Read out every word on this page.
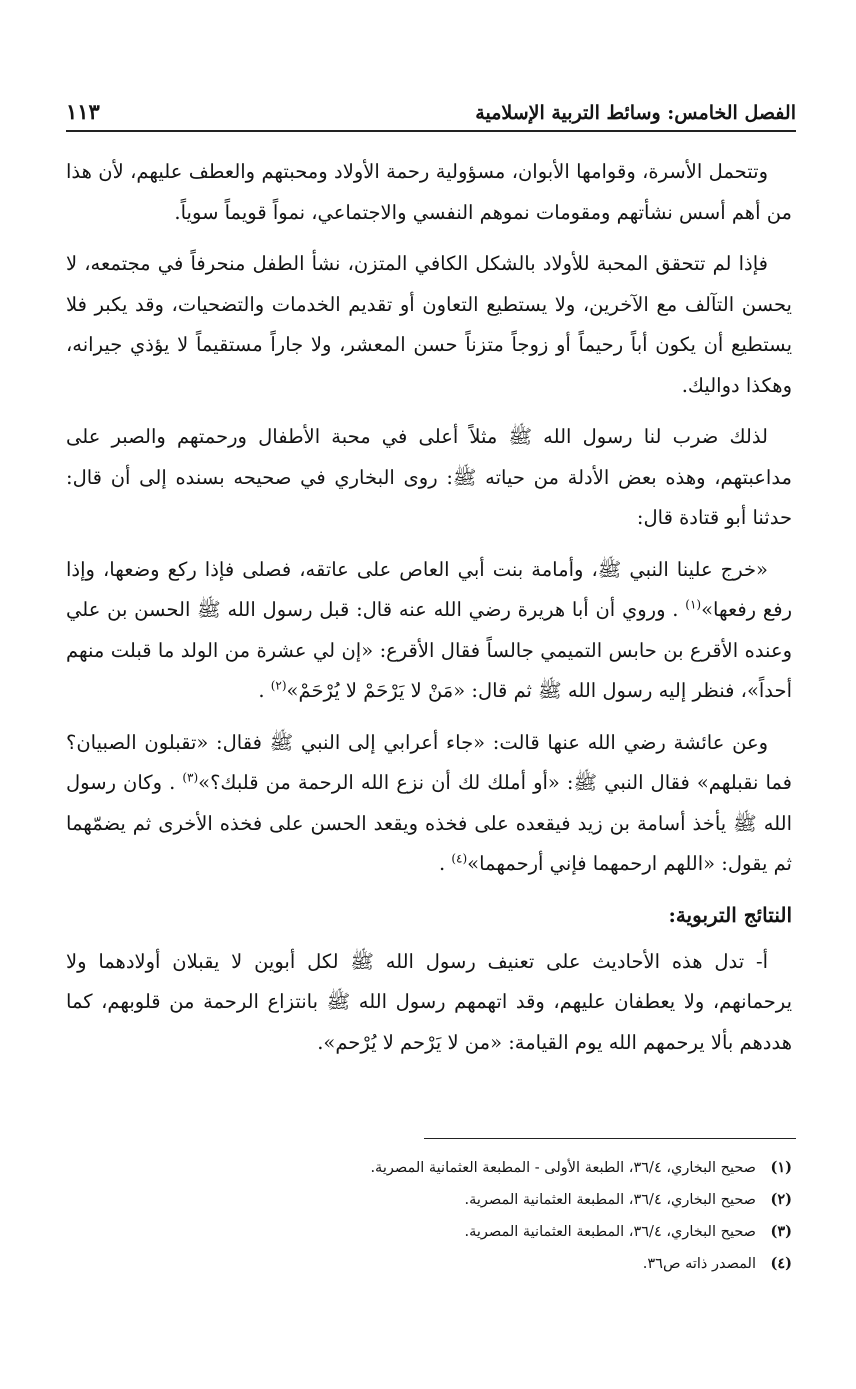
الفصل الخامس: وسائط التربية الإسلامية
١١٣

وتتحمل الأسرة، وقوامها الأبوان، مسؤولية رحمة الأولاد ومحبتهم والعطف عليهم، لأن هذا من أهم أسس نشأتهم ومقومات نموهم النفسي والاجتماعي، نمواً قويماً سوياً.

فإذا لم تتحقق المحبة للأولاد بالشكل الكافي المتزن، نشأ الطفل منحرفاً في مجتمعه، لا يحسن التآلف مع الآخرين، ولا يستطيع التعاون أو تقديم الخدمات والتضحيات، وقد يكبر فلا يستطيع أن يكون أباً رحيماً أو زوجاً متزناً حسن المعشر، ولا جاراً مستقيماً لا يؤذي جيرانه، وهكذا دواليك.

لذلك ضرب لنا رسول الله ﷺ مثلاً أعلى في محبة الأطفال ورحمتهم والصبر على مداعبتهم، وهذه بعض الأدلة من حياته ﷺ: روى البخاري في صحيحه بسنده إلى أن قال: حدثنا أبو قتادة قال:

«خرج علينا النبي ﷺ، وأمامة بنت أبي العاص على عاتقه، فصلى فإذا ركع وضعها، وإذا رفع رفعها»$^{(١)}$ . وروي أن أبا هريرة رضي الله عنه قال: قبل رسول الله ﷺ الحسن بن علي وعنده الأقرع بن حابس التميمي جالساً فقال الأقرع: «إن لي عشرة من الولد ما قبلت منهم أحداً»، فنظر إليه رسول الله ﷺ ثم قال: «مَنْ لا يَرْحَمْ لا يُرْحَمْ»$^{(٢)}$ .

وعن عائشة رضي الله عنها قالت: «جاء أعرابي إلى النبي ﷺ فقال: «تقبلون الصبيان؟ فما نقبلهم» فقال النبي ﷺ: «أو أملك لك أن نزع الله الرحمة من قلبك؟»$^{(٣)}$ . وكان رسول الله ﷺ يأخذ أسامة بن زيد فيقعده على فخذه ويقعد الحسن على فخذه الأخرى ثم يضمّهما ثم يقول: «اللهم ارحمهما فإني أرحمهما»$^{(٤)}$ .

النتائج التربوية:

أ- تدل هذه الأحاديث على تعنيف رسول الله ﷺ لكل أبوين لا يقبلان أولادهما ولا يرحمانهم، ولا يعطفان عليهم، وقد اتهمهم رسول الله ﷺ بانتزاع الرحمة من قلوبهم، كما هددهم بألا يرحمهم الله يوم القيامة: «من لا يَرْحم لا يُرْحم».

(١)
صحيح البخاري، ٣٦/٤، الطبعة الأولى - المطبعة العثمانية المصرية.
(٢)
صحيح البخاري، ٣٦/٤، المطبعة العثمانية المصرية.
(٣)
صحيح البخاري، ٣٦/٤، المطبعة العثمانية المصرية.
(٤)
المصدر ذاته ص٣٦.
